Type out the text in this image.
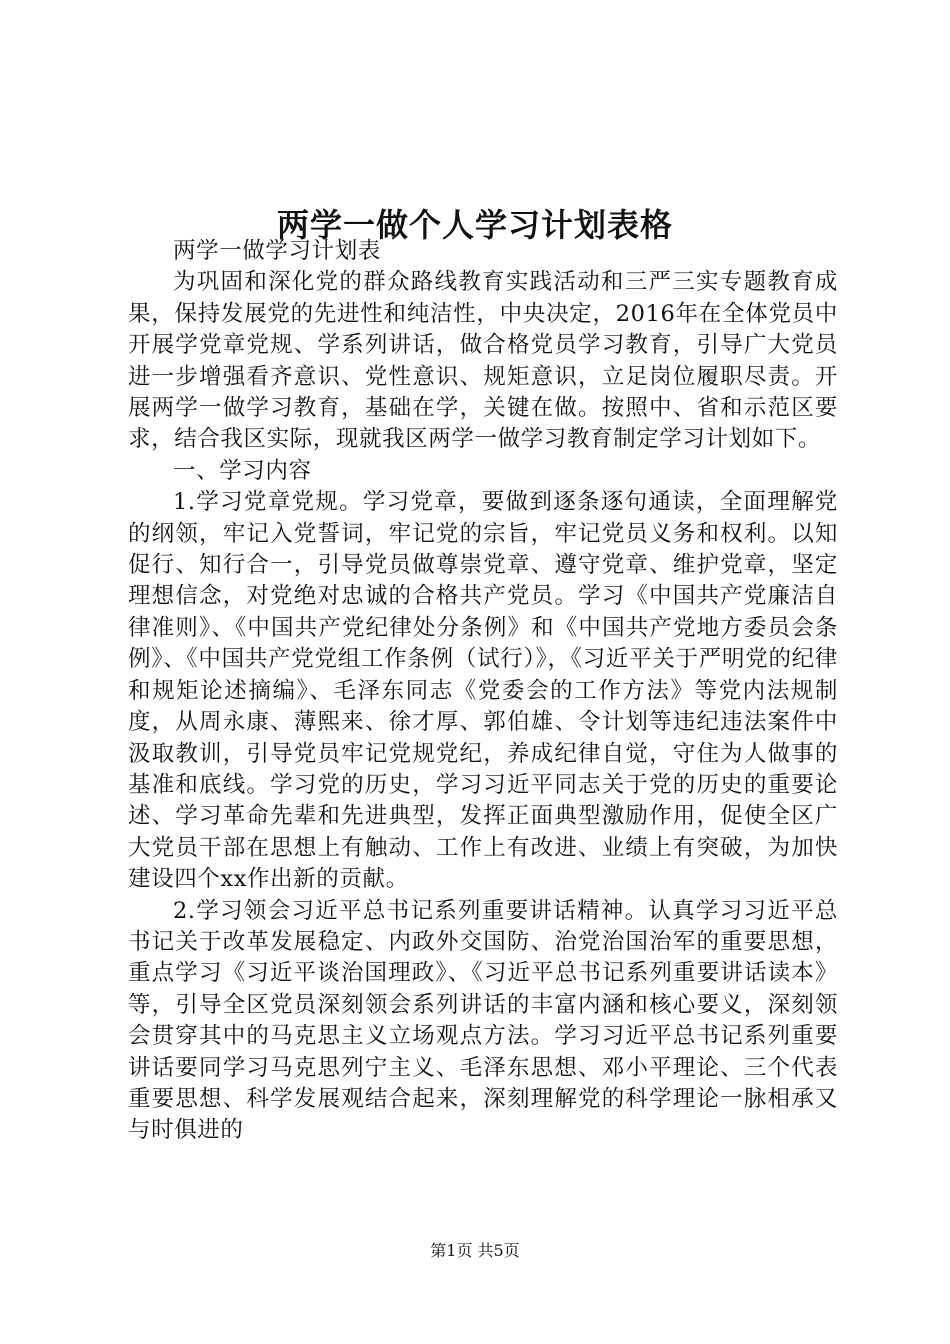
两学一做个人学习计划表格

两学一做学习计划表

为巩固和深化党的群众路线教育实践活动和三严三实专题教育成果，保持发展党的先进性和纯洁性，中央决定，2016年在全体党员中开展学党章党规、学系列讲话，做合格党员学习教育，引导广大党员进一步增强看齐意识、党性意识、规矩意识，立足岗位履职尽责。开展两学一做学习教育，基础在学，关键在做。按照中、省和示范区要求，结合我区实际，现就我区两学一做学习教育制定学习计划如下。

一、学习内容

1.学习党章党规。学习党章，要做到逐条逐句通读，全面理解党的纲领，牢记入党誓词，牢记党的宗旨，牢记党员义务和权利。以知促行、知行合一，引导党员做尊崇党章、遵守党章、维护党章，坚定理想信念，对党绝对忠诚的合格共产党员。学习《中国共产党廉洁自律准则》、《中国共产党纪律处分条例》和《中国共产党地方委员会条例》、《中国共产党党组工作条例（试行）》，《习近平关于严明党的纪律和规矩论述摘编》、毛泽东同志《党委会的工作方法》等党内法规制度，从周永康、薄熙来、徐才厚、郭伯雄、令计划等违纪违法案件中汲取教训，引导党员牢记党规党纪，养成纪律自觉，守住为人做事的基准和底线。学习党的历史，学习习近平同志关于党的历史的重要论述、学习革命先辈和先进典型，发挥正面典型激励作用，促使全区广大党员干部在思想上有触动、工作上有改进、业绩上有突破，为加快建设四个xx作出新的贡献。

2.学习领会习近平总书记系列重要讲话精神。认真学习习近平总书记关于改革发展稳定、内政外交国防、治党治国治军的重要思想，重点学习《习近平谈治国理政》、《习近平总书记系列重要讲话读本》等，引导全区党员深刻领会系列讲话的丰富内涵和核心要义，深刻领会贯穿其中的马克思主义立场观点方法。学习习近平总书记系列重要讲话要同学习马克思列宁主义、毛泽东思想、邓小平理论、三个代表重要思想、科学发展观结合起来，深刻理解党的科学理论一脉相承又与时俱进的

第1页 共5页
